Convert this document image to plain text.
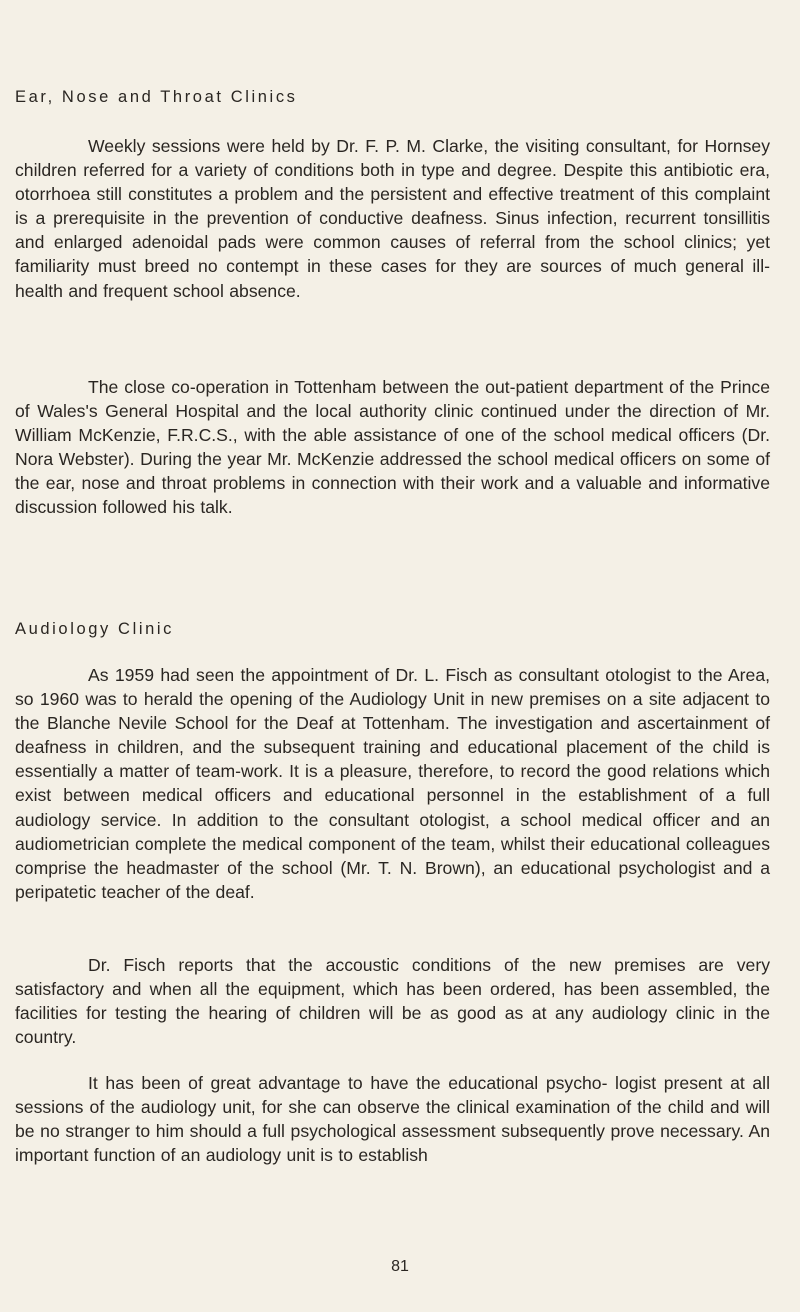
Ear, Nose and Throat Clinics

Weekly sessions were held by Dr. F. P. M. Clarke, the visiting consultant, for Hornsey children referred for a variety of conditions both in type and degree. Despite this antibiotic era, otorrhoea still constitutes a problem and the persistent and effective treatment of this complaint is a prerequisite in the prevention of conductive deafness. Sinus infection, recurrent tonsillitis and enlarged adenoidal pads were common causes of referral from the school clinics; yet familiarity must breed no contempt in these cases for they are sources of much general ill-health and frequent school absence.

The close co-operation in Tottenham between the out-patient department of the Prince of Wales's General Hospital and the local authority clinic continued under the direction of Mr. William McKenzie, F.R.C.S., with the able assistance of one of the school medical officers (Dr. Nora Webster). During the year Mr. McKenzie addressed the school medical officers on some of the ear, nose and throat problems in connection with their work and a valuable and informative discussion followed his talk.

Audiology Clinic

As 1959 had seen the appointment of Dr. L. Fisch as consultant otologist to the Area, so 1960 was to herald the opening of the Audiology Unit in new premises on a site adjacent to the Blanche Nevile School for the Deaf at Tottenham. The investigation and ascertainment of deafness in children, and the subsequent training and educational placement of the child is essentially a matter of team-work. It is a pleasure, therefore, to record the good relations which exist between medical officers and educational personnel in the establishment of a full audiology service. In addition to the consultant otologist, a school medical officer and an audiometrician complete the medical component of the team, whilst their educational colleagues comprise the headmaster of the school (Mr. T. N. Brown), an educational psychologist and a peripatetic teacher of the deaf.

Dr. Fisch reports that the accoustic conditions of the new premises are very satisfactory and when all the equipment, which has been ordered, has been assembled, the facilities for testing the hearing of children will be as good as at any audiology clinic in the country.

It has been of great advantage to have the educational psycho- logist present at all sessions of the audiology unit, for she can observe the clinical examination of the child and will be no stranger to him should a full psychological assessment subsequently prove necessary. An important function of an audiology unit is to establish

81
